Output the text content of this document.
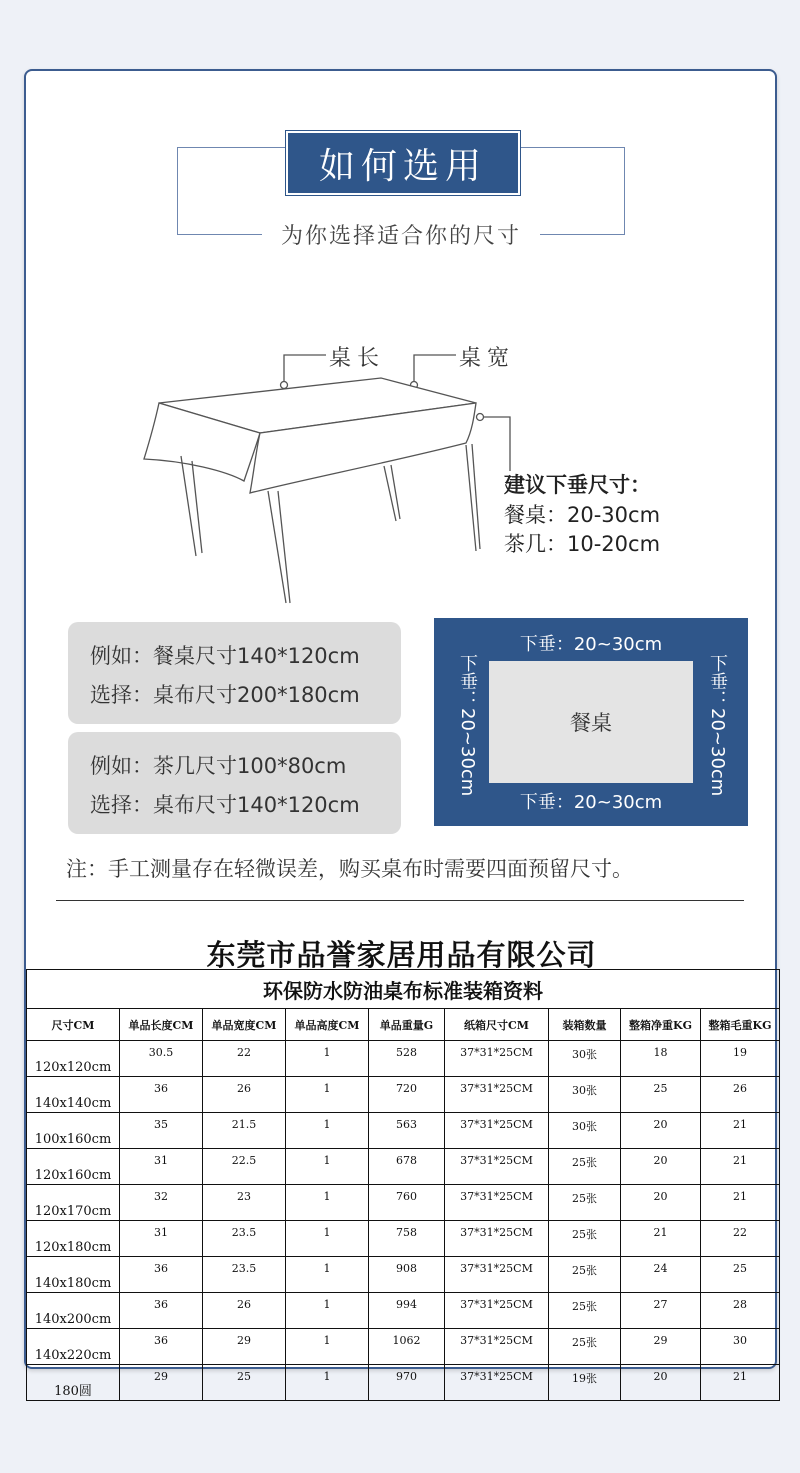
如何选用
为你选择适合你的尺寸
桌长	桌宽
建议下垂尺寸：
餐桌：20-30cm
茶几：10-20cm
例如：餐桌尺寸140*120cm
选择：桌布尺寸200*180cm
例如：茶几尺寸100*80cm
选择：桌布尺寸140*120cm
下垂：20~30cm
餐桌
下垂：20~30cm
下垂：20~30cm	下垂：20~30cm
注：手工测量存在轻微误差，购买桌布时需要四面预留尺寸。
东莞市品誉家居用品有限公司
环保防水防油桌布标准装箱资料								
尺寸CM	单品长度CM	单品宽度CM	单品高度CM	单品重量G	纸箱尺寸CM	装箱数量	整箱净重KG	整箱毛重KG
120x120cm	30.5	22	1	528	37*31*25CM	30张	18	19
140x140cm	36	26	1	720	37*31*25CM	30张	25	26
100x160cm	35	21.5	1	563	37*31*25CM	30张	20	21
120x160cm	31	22.5	1	678	37*31*25CM	25张	20	21
120x170cm	32	23	1	760	37*31*25CM	25张	20	21
120x180cm	31	23.5	1	758	37*31*25CM	25张	21	22
140x180cm	36	23.5	1	908	37*31*25CM	25张	24	25
140x200cm	36	26	1	994	37*31*25CM	25张	27	28
140x220cm	36	29	1	1062	37*31*25CM	25张	29	30
180圆	29	25	1	970	37*31*25CM	19张	20	21
